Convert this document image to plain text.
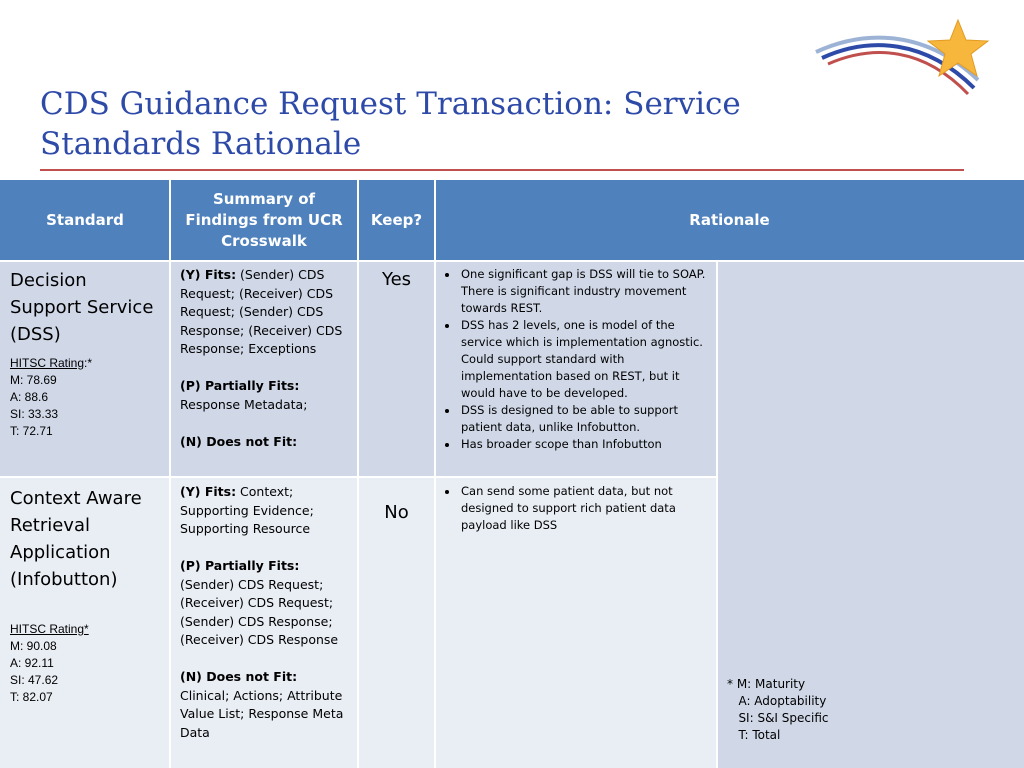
CDS Guidance Request Transaction: Service Standards Rationale
Standard
Summary of Findings from UCR Crosswalk
Keep?	Rationale
Decision Support Service (DSS)
HITSC Rating:*
M: 78.69
A: 88.6
SI: 33.33
T: 72.71

(Y) Fits: (Sender) CDS Request; (Receiver) CDS Request; (Sender) CDS Response; (Receiver) CDS Response; Exceptions

(P) Partially Fits:
Response Metadata;

(N) Does not Fit:

Yes
•	One significant gap is DSS will tie to SOAP. There is significant industry movement towards REST.
• DSS has 2 levels, one is model of the service which is implementation agnostic. Could support standard with implementation based on REST, but it would have to be developed.
• DSS is designed to be able to support patient data, unlike Infobutton.
• Has broader scope than Infobutton
Context Aware Retrieval Application (Infobutton)
HITSC Rating*
M: 90.08
A: 92.11
SI: 47.62
T: 82.07

(Y) Fits: Context; Supporting Evidence; Supporting Resource

(P) Partially Fits: (Sender) CDS Request; (Receiver) CDS Request; (Sender) CDS Response; (Receiver) CDS Response

(N) Does not Fit: Clinical; Actions; Attribute Value List; Response Meta Data

No
• Can send some patient data, but not designed to support rich patient data payload like DSS
* M: Maturity
A: Adoptability
SI: S&I Specific
T: Total
